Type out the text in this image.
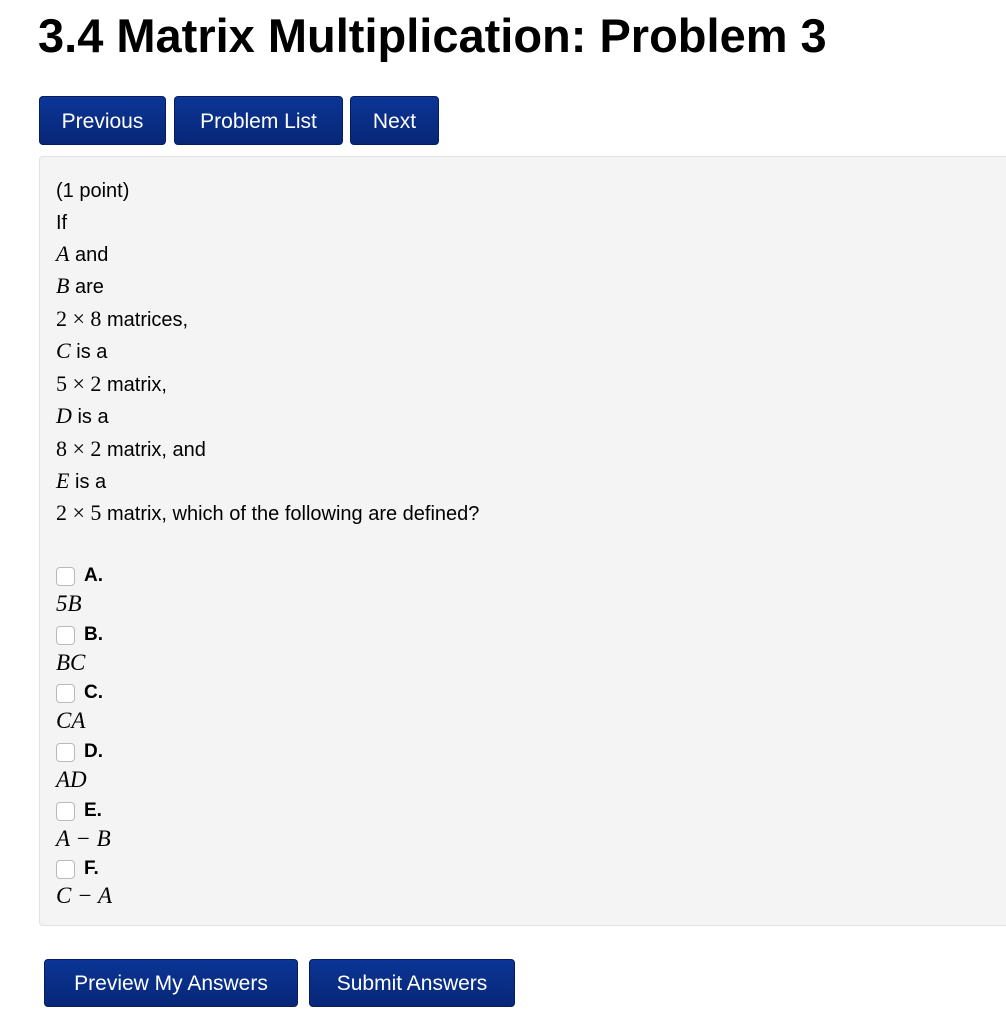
3.4 Matrix Multiplication: Problem 3
Previous	Problem List	Next
(1 point)
If
A and
B are
2 × 8 matrices,
C is a
5 × 2 matrix,
D is a
8 × 2 matrix, and
E is a
2 × 5 matrix, which of the following are defined?
A.
5B
B.
BC
C.
CA
D.
AD
E.
A − B
F.
C − A
Preview My Answers	Submit Answers
